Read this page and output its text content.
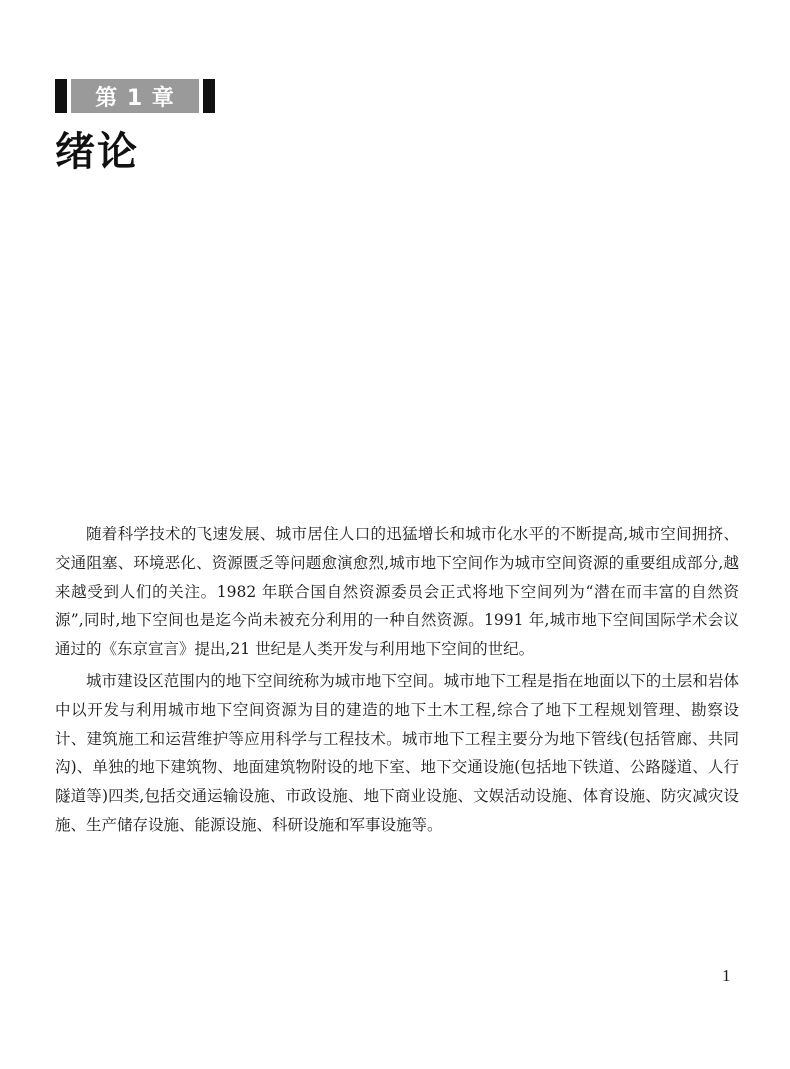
第 1 章
绪论

随着科学技术的飞速发展、城市居住人口的迅猛增长和城市化水平的不断提高,城市空间拥挤、交通阻塞、环境恶化、资源匮乏等问题愈演愈烈,城市地下空间作为城市空间资源的重要组成部分,越来越受到人们的关注。1982 年联合国自然资源委员会正式将地下空间列为“潜在而丰富的自然资源”,同时,地下空间也是迄今尚未被充分利用的一种自然资源。1991 年,城市地下空间国际学术会议通过的《东京宣言》提出,21 世纪是人类开发与利用地下空间的世纪。

城市建设区范围内的地下空间统称为城市地下空间。城市地下工程是指在地面以下的土层和岩体中以开发与利用城市地下空间资源为目的建造的地下土木工程,综合了地下工程规划管理、勘察设计、建筑施工和运营维护等应用科学与工程技术。城市地下工程主要分为地下管线(包括管廊、共同沟)、单独的地下建筑物、地面建筑物附设的地下室、地下交通设施(包括地下铁道、公路隧道、人行隧道等)四类,包括交通运输设施、市政设施、地下商业设施、文娱活动设施、体育设施、防灾减灾设施、生产储存设施、能源设施、科研设施和军事设施等。

1
